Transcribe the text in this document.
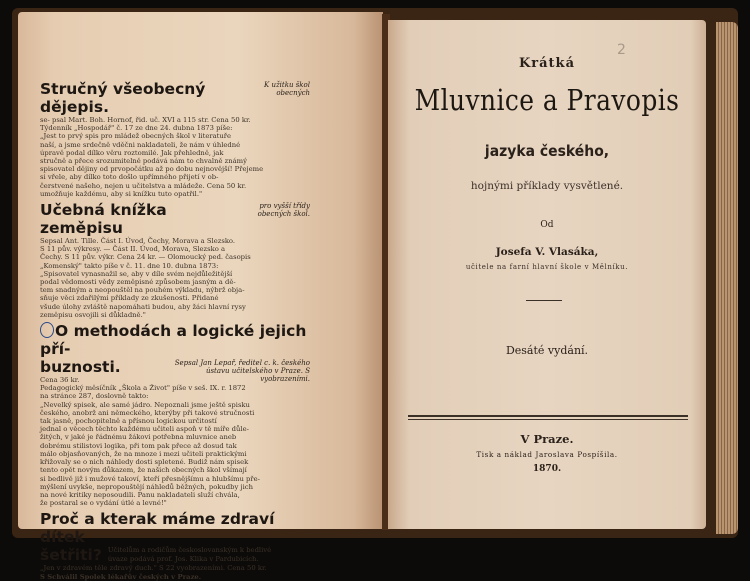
K užitku škol obecných
Stručný všeobecný dějepis.

se- psal Mart. Boh. Hornof, řid. uč. XVI a 115 str. Cena 50 kr.

Týdenník „Hospodář" č. 17 ze dne 24. dubna 1873 píše:

„Jest to prvý spis pro mládež obecných škol v literatuře

naší, a jsme srdečně vděčni nakladateli, že nám v úhledné

úpravě podal dílko věru roztomilé. Jak přehledně, jak

stručně a přece srozumitelně podává nám to chvalně známý

spisovatel dějiny od prvopočátku až po dobu nejnovější! Přejeme

si vřele, aby dílko toto došlo upřímného přijetí v ob-

čerstvené našeho, nejen u učitelstva a mládeže. Cena 50 kr.

umožňuje každému, aby si knížku tuto opatřil."

pro vyšší třídy obecných škol.
Učebná knížka zeměpisu

Sepsal Ant. Tille. Část I. Úvod, Čechy, Morava a Slezsko.

S 11 pův. výkresy. — Část II. Úvod, Morava, Slezsko a

Čechy. S 11 pův. výkr. Cena 24 kr. — Olomoucký ped. časopis

„Komenský" takto píše v č. 11. dne 10. dubna 1873:

„Spisovatel vynasnažil se, aby v díle svém nejdůležitější

podal vědomosti vědy zeměpisné způsobem jasným a dě-

tem snadným a neopouštěl na pouhém výkladu, nýbrž obja-

sňuje věci zdařilými příklady ze zkušenosti. Přidané

všude úlohy zvláště napomáhati budou, aby žáci hlavní rysy

zeměpisu osvojili si důkladně."

O methodách a logické jejich pří-
Sepsal Jan Lepař, ředitel c. k. českého ústavu učitelského v Praze. S vyobrazeními.
buznosti.

Cena 36 kr.

Pedagogický měsíčník „Škola a Život" píše v seš. IX. r. 1872

na stránce 287, doslovně takto:

„Nevelký spisek, ale samé jádro. Nepoznali jsme ještě spisku

českého, anobrž ani německého, kterýby při takové stručnosti

tak jasně, pochopitelně a přísnou logickou určitostí

jednal o věcech těchto každému učiteli aspoň v tě míře důle-

žitých, v jaké je řádnému žákovi potřebna mluvnice aneb

dobrému stilistovi logika, při tom pak přece až dosud tak

málo objasňovaných, že na mnoze i mezi učiteli praktickými

křižovaly se o nich náhledy dosti spletené. Budiž nám spisek

tento opět novým důkazem, že našich obecných škol všímají

si bedlivě již i mužové takoví, kteří přesnějšímu a hlubšímu pře-

mýšlení uvykše, nepropouštějí náhledů běžných, pokudby jich

na nové kritiky neposoudili. Panu nakladateli služí chvála,

že postaral se o vydání útlé a levné!"

Proč a kterak máme zdraví dítek
šetřiti? Učitelům a rodičům českoslovanským k bedlivé

úvaze podává prof. Jos. Klika v Pardubicích.

„Jen v zdravém těle zdravý duch." S 22 vyobrazeními. Cena 50 kr.

S Schválil Spolek lékařův českých v Praze.

2
Krátká
Mluvnice a Pravopis
jazyka českého,
hojnými příklady vysvětlené.
Od
Josefa V. Vlasáka,
učitele na farní hlavní škole v Mělníku.
Desáté vydání.
V Praze.
Tisk a náklad Jaroslava Pospíšila.
1870.
